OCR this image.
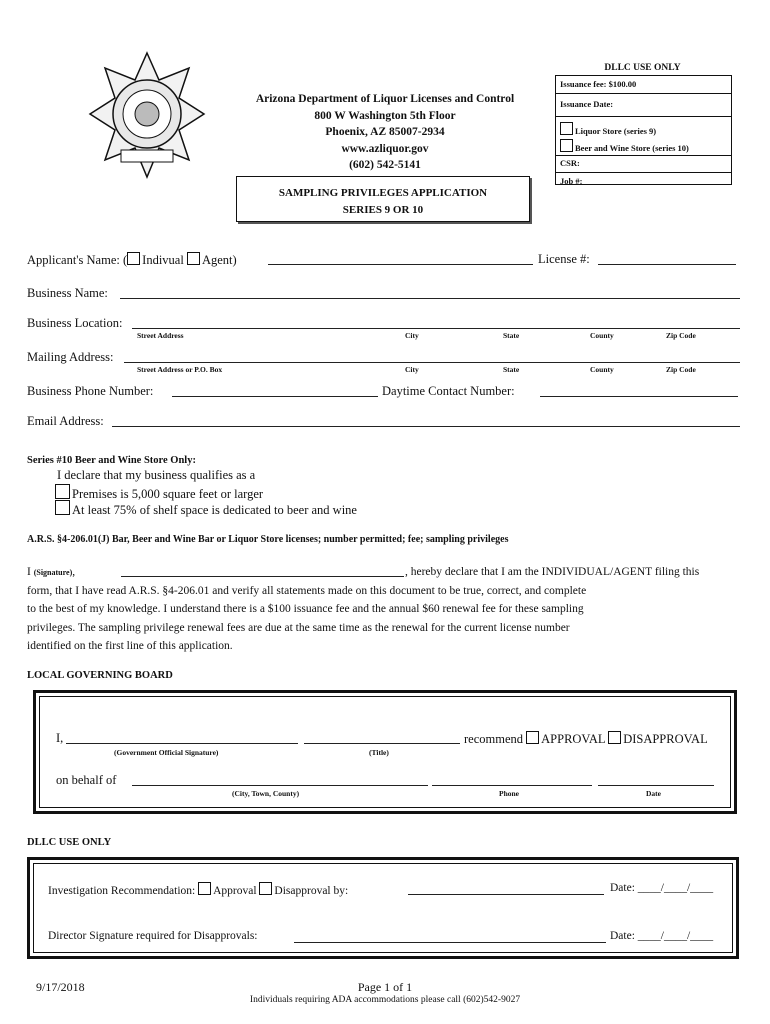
Arizona Department of Liquor Licenses and Control
800 W Washington 5th Floor
Phoenix, AZ 85007-2934
www.azliquor.gov
(602) 542-5141
SAMPLING PRIVILEGES APPLICATION
SERIES 9 OR 10
DLLC USE ONLY
Issuance fee: $100.00
Issuance Date:
Liquor Store (series 9)
Beer and Wine Store (series 10)
CSR:
Job #:
Applicant's Name: ( Indivual Agent)	License #:
Business Name:
Business Location:
Street Address	City	State	County	Zip Code
Mailing Address:
Street Address or P.O. Box	City	State	County	Zip Code
Business Phone Number:	Daytime Contact Number:
Email Address:
Series #10 Beer and Wine Store Only:
I declare that my business qualifies as a
Premises is 5,000 square feet or larger
At least 75% of shelf space is dedicated to beer and wine
A.R.S. §4-206.01(J) Bar, Beer and Wine Bar or Liquor Store licenses; number permitted; fee; sampling privileges
I (Signature),	, hereby declare that I am the INDIVIDUAL/AGENT filing this
form, that I have read A.R.S. §4-206.01 and verify all statements made on this document to be true, correct, and complete
to the best of my knowledge. I understand there is a $100 issuance fee and the annual $60 renewal fee for these sampling
privileges. The sampling privilege renewal fees are due at the same time as the renewal for the current license number
identified on the first line of this application.
LOCAL GOVERNING BOARD
I,	recommend APPROVAL DISAPPROVAL
(Government Official Signature)	(Title)
on behalf of
(City, Town, County)	Phone	Date
DLLC USE ONLY
Investigation Recommendation: Approval Disapproval by:	Date: ____/____/____
Director Signature required for Disapprovals:	Date: ____/____/____
9/17/2018	Page 1 of 1
Individuals requiring ADA accommodations please call (602)542-9027
